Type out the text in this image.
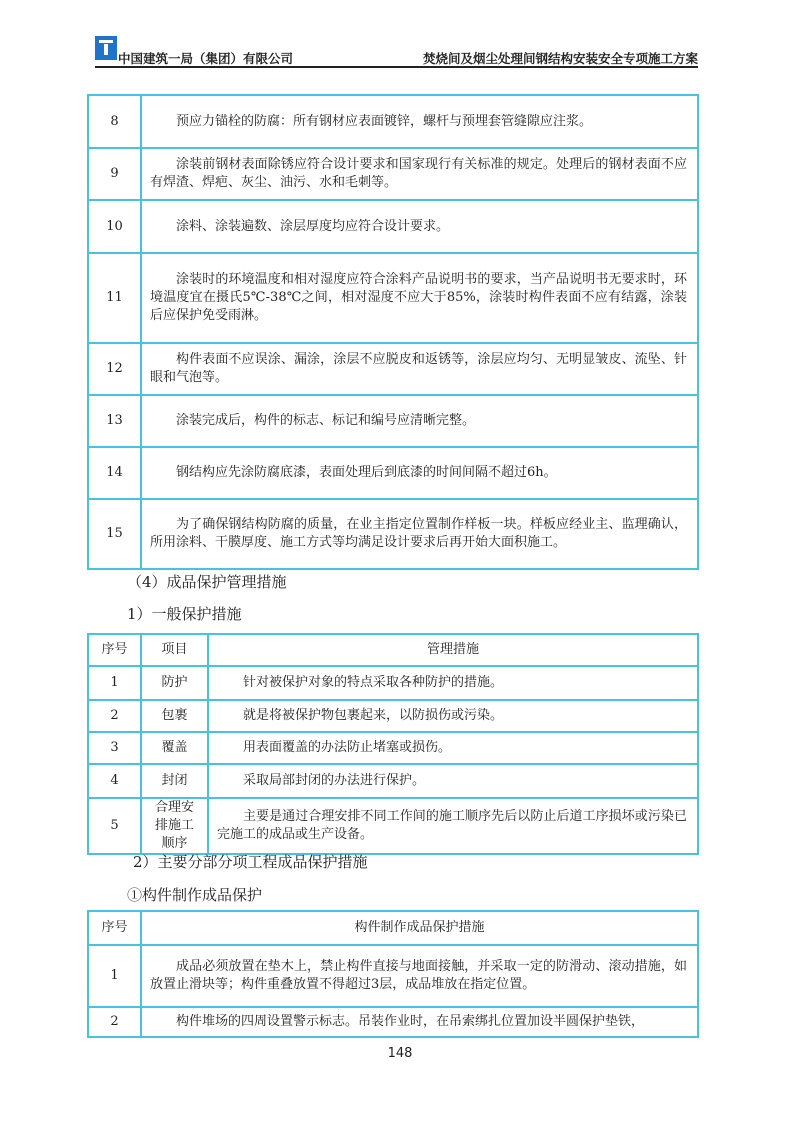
中国建筑一局（集团）有限公司	焚烧间及烟尘处理间钢结构安装安全专项施工方案
8	预应力锚栓的防腐：所有钢材应表面镀锌，螺杆与预埋套管缝隙应注浆。
9	涂装前钢材表面除锈应符合设计要求和国家现行有关标准的规定。处理后的钢材表面不应有焊渣、焊疤、灰尘、油污、水和毛刺等。
10	涂料、涂装遍数、涂层厚度均应符合设计要求。
11	涂装时的环境温度和相对湿度应符合涂料产品说明书的要求，当产品说明书无要求时，环境温度宜在摄氏5℃-38℃之间，相对湿度不应大于85%，涂装时构件表面不应有结露，涂装后应保护免受雨淋。
12	构件表面不应误涂、漏涂，涂层不应脱皮和返锈等，涂层应均匀、无明显皱皮、流坠、针眼和气泡等。
13	涂装完成后，构件的标志、标记和编号应清晰完整。
14	钢结构应先涂防腐底漆，表面处理后到底漆的时间间隔不超过6h。
15	为了确保钢结构防腐的质量，在业主指定位置制作样板一块。样板应经业主、监理确认，所用涂料、干膜厚度、施工方式等均满足设计要求后再开始大面积施工。
（4）成品保护管理措施
1）一般保护措施
序号	项目	管理措施
1	防护	针对被保护对象的特点采取各种防护的措施。
2	包裹	就是将被保护物包裹起来，以防损伤或污染。
3	覆盖	用表面覆盖的办法防止堵塞或损伤。
4	封闭	采取局部封闭的办法进行保护。
5	合理安排施工顺序	主要是通过合理安排不同工作间的施工顺序先后以防止后道工序损坏或污染已完施工的成品或生产设备。
2）主要分部分项工程成品保护措施
①构件制作成品保护
序号	构件制作成品保护措施
1	成品必须放置在垫木上，禁止构件直接与地面接触，并采取一定的防滑动、滚动措施，如放置止滑块等；构件重叠放置不得超过3层，成品堆放在指定位置。
2	构件堆场的四周设置警示标志。吊装作业时，在吊索绑扎位置加设半圆保护垫铁，
148
